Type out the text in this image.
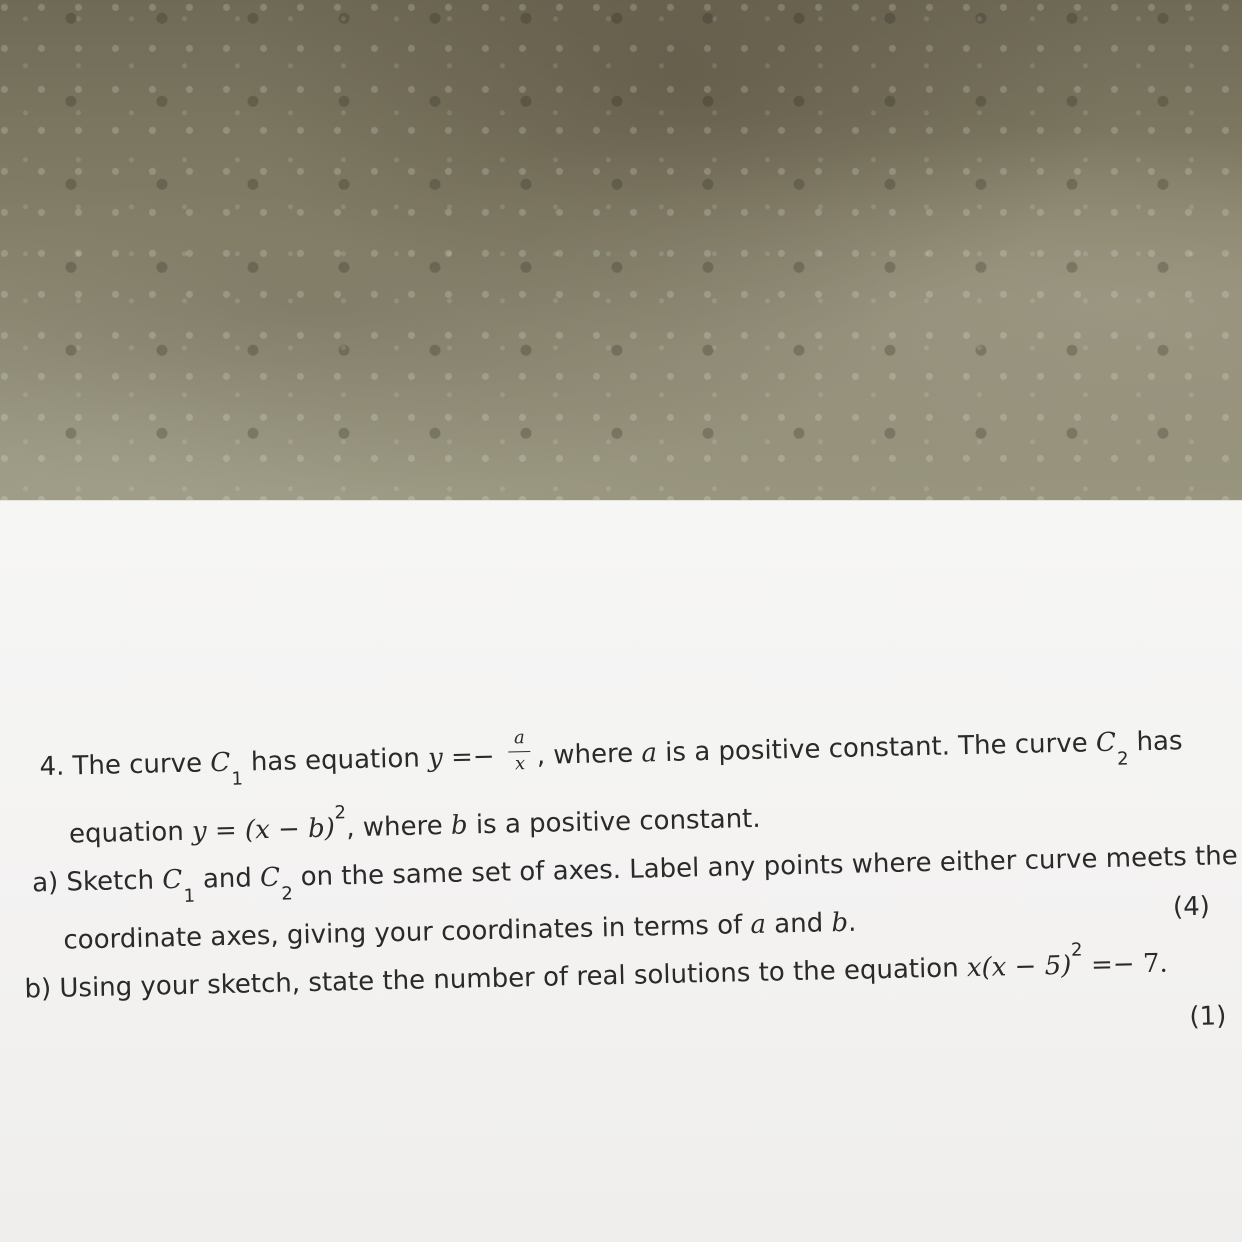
4. The curve $C_1$ has equation $y =- \frac{a}{x}$ , where a is a positive constant. The curve $C_2$ has
equation $y = (x - b)^2$, where b is a positive constant.
a) Sketch $C_1$ and $C_2$ on the same set of axes. Label any points where either curve meets the
coordinate axes, giving your coordinates in terms of a and b.
(4)
b) Using your sketch, state the number of real solutions to the equation $x(x - 5)^2 =- 7$.
(1)
